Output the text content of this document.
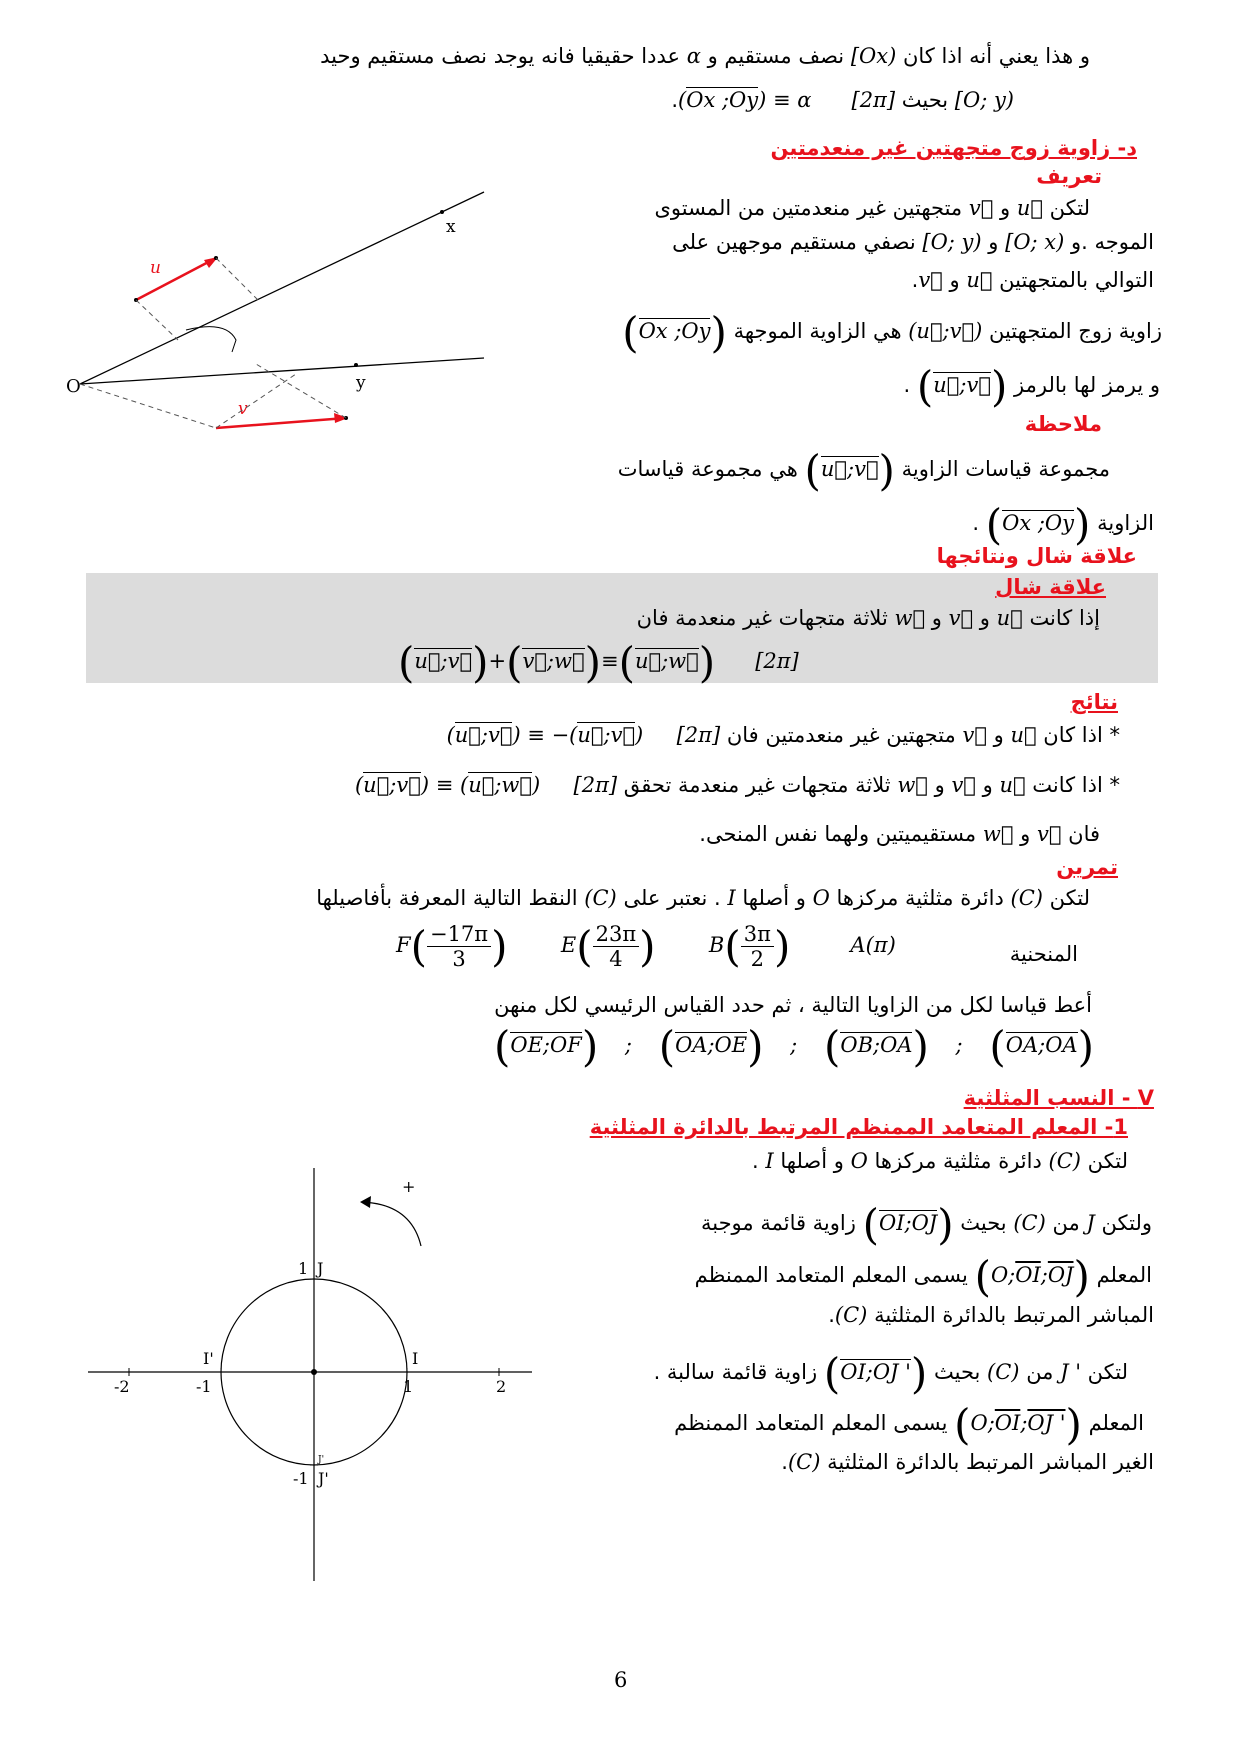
و هذا يعني أنه اذا كان [Ox) نصف مستقيم و α عددا حقيقيا فانه يوجد نصف مستقيم وحيد
[O; y) بحيث (Ox ;Oy) ≡ α      [2π].
د- زاوية زوج متجهتين غير منعدمتين
تعريف
لتكن u⃗ و v⃗ متجهتين غير منعدمتين من المستوى
الموجه .و [O; x) و [O; y) نصفي مستقيم موجهين على
التوالي بالمتجهتين u⃗ و v⃗.
زاوية زوج المتجهتين (u⃗;v⃗) هي الزاوية الموجهة (Ox ;Oy)
و يرمز لها بالرمز (u⃗;v⃗) .
ملاحظة
مجموعة قياسات الزاوية (u⃗;v⃗) هي مجموعة قياسات
الزاوية (Ox ;Oy) .
x
y
O
u
v
علاقة شال ونتائجها
علاقة شال
إذا كانت u⃗ و v⃗ و w⃗ ثلاثة متجهات غير منعدمة فان
(u⃗;v⃗)+(v⃗;w⃗)≡(u⃗;w⃗)      [2π]
نتائج
* اذا كان u⃗ و v⃗ متجهتين غير منعدمتين فان (u⃗;v⃗) ≡ −(u⃗;v⃗)     [2π]
* اذا كانت u⃗ و v⃗ و w⃗ ثلاثة متجهات غير منعدمة تحقق (u⃗;v⃗) ≡ (u⃗;w⃗)     [2π]
فان v⃗ و w⃗ مستقيميتين ولهما نفس المنحى.
تمرين
لتكن (C) دائرة مثلثية مركزها O و أصلها I . نعتبر على (C) النقط التالية المعرفة بأفاصيلها
المنحنية
$F( \frac{-17\pi}{3}$ )        $E( \frac{23\pi}{4}$ )        $B( \frac{3\pi}{2}$ )         A(π)
أعط قياسا لكل من الزاويا التالية ، ثم حدد القياس الرئيسي لكل منهن
(OE;OF)    ;    (OA;OE)    ;    (OB;OA)    ;    (OA;OA)
V - النسب المثلثية
1- المعلم المتعامد الممنظم المرتبط بالدائرة المثلثية
لتكن (C) دائرة مثلثية مركزها O و أصلها I .
ولتكن J من (C) بحيث (OI;OJ) زاوية قائمة موجبة
المعلم $(O;\overline{OI};\overline{OJ})$ يسمى المعلم المتعامد الممنظم
المباشر المرتبط بالدائرة المثلثية (C).
لتكن J ' من (C) بحيث (OI;OJ ') زاوية قائمة سالبة .
المعلم ($O;\overline{OI};OJ$ ') يسمى المعلم المتعامد الممنظم
الغير المباشر المرتبط بالدائرة المثلثية (C).
1 J
I
I'
-2	-1	1	2
J'
-1 J'
+
6
